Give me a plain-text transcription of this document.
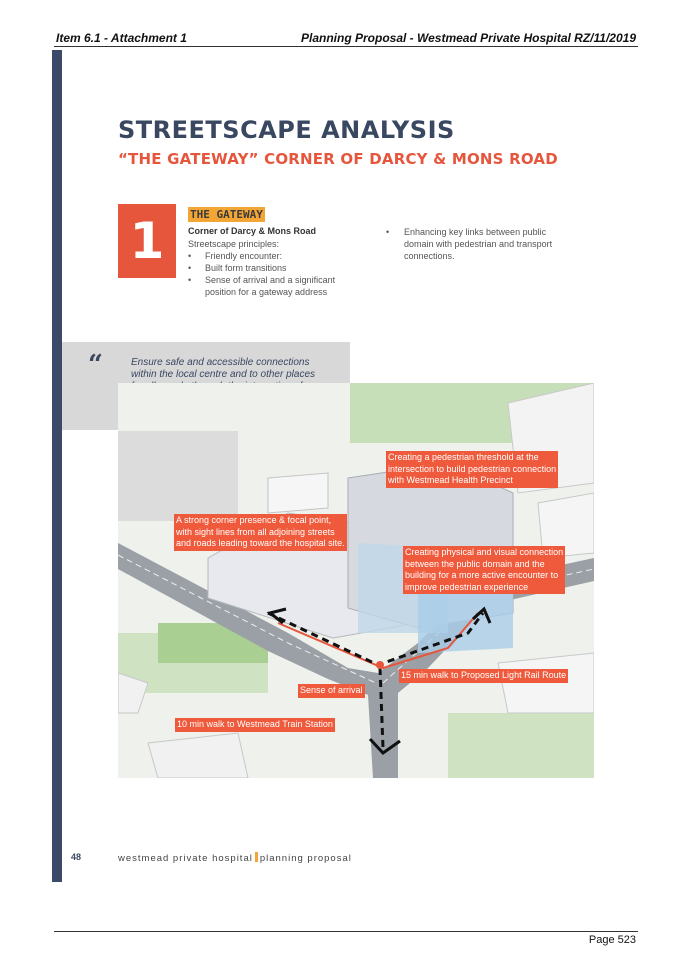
Item 6.1 - Attachment 1	Planning Proposal - Westmead Private Hospital RZ/11/2019
STREETSCAPE ANALYSIS
“THE GATEWAY” CORNER OF DARCY & MONS ROAD
1	THE GATEWAY
Corner of Darcy & Mons Road
Streetscape principles:
• Friendly encounter:
• Built form transitions
• Sense of arrival and a significant
position for a gateway address
• Enhancing key links between public
domain with pedestrian and transport
connections.
“	Ensure safe and accessible connections
within the local centre and to other places
Creating a pedestrian threshold at the
intersection to build pedestrian connection
with Westmead Health Precinct
A strong corner presence & focal point,
with sight lines from all adjoining streets
and roads leading toward the hospital site.
Creating physical and visual connection
between the public domain and the
building for a more active encounter to
improve pedestrian experience
15 min walk to Proposed Light Rail Route
Sense of arrival
10 min walk to Westmead Train Station
48	westmead private hospital planning proposal
Page 523
